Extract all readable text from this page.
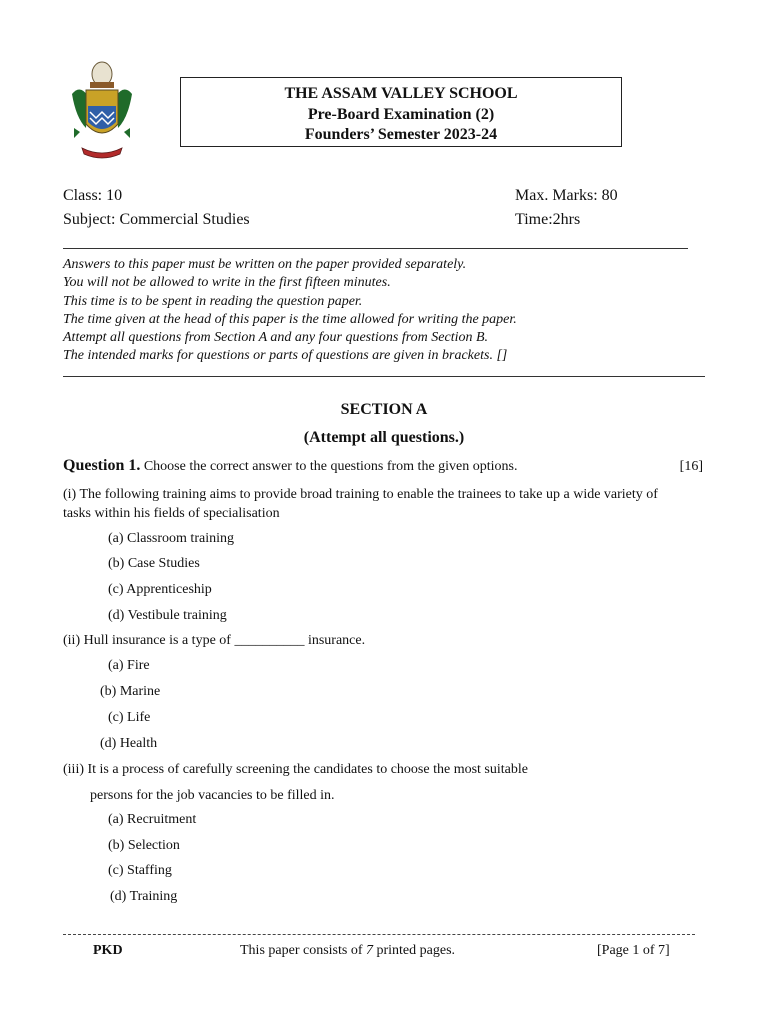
THE ASSAM VALLEY SCHOOL
Pre-Board Examination (2)
Founders’ Semester 2023-24
Class: 10
Subject: Commercial Studies
Max. Marks: 80
Time:2hrs
Answers to this paper must be written on the paper provided separately.
You will not be allowed to write in the first fifteen minutes.
This time is to be spent in reading the question paper.
The time given at the head of this paper is the time allowed for writing the paper.
Attempt all questions from Section A and any four questions from Section B.
The intended marks for questions or parts of questions are given in brackets. []
SECTION A
(Attempt all questions.)
Question 1. Choose the correct answer to the questions from the given options.	[16]
(i) The following training aims to provide broad training to enable the trainees to take up a wide variety of
tasks within his fields of specialisation
(a) Classroom training
(b) Case Studies
(c) Apprenticeship
(d) Vestibule training
(ii) Hull insurance is a type of __________ insurance.
(a) Fire
(b) Marine
(c) Life
(d) Health
(iii) It is a process of carefully screening the candidates to choose the most suitable
persons for the job vacancies to be filled in.
(a) Recruitment
(b) Selection
(c) Staffing
(d) Training
PKD	This paper consists of 7 printed pages.	[Page 1 of 7]
